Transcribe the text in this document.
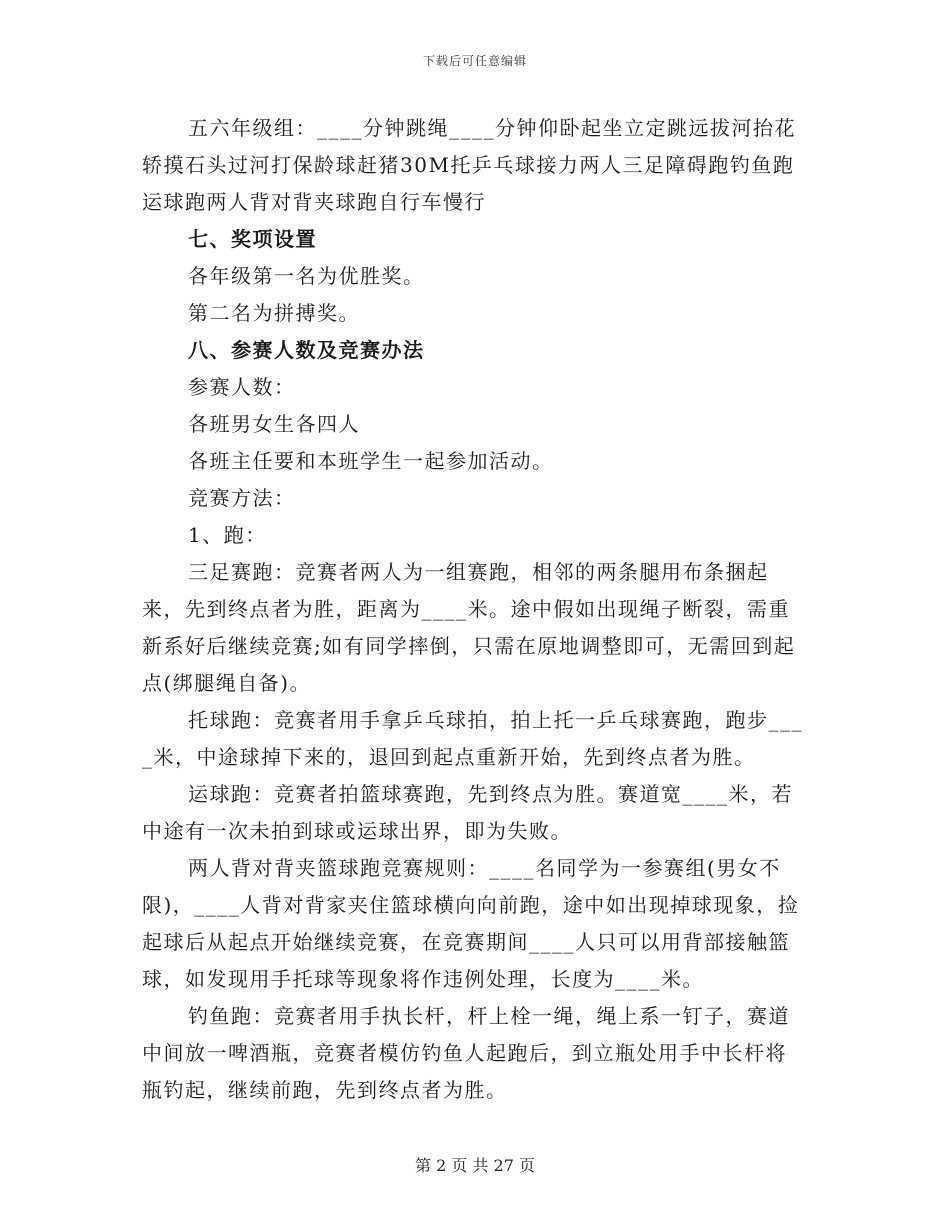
下载后可任意编辑

五六年级组：____分钟跳绳____分钟仰卧起坐立定跳远拔河抬花轿摸石头过河打保龄球赶猪30M托乒乓球接力两人三足障碍跑钓鱼跑运球跑两人背对背夹球跑自行车慢行

七、奖项设置

各年级第一名为优胜奖。

第二名为拼搏奖。

八、参赛人数及竞赛办法

参赛人数：

各班男女生各四人

各班主任要和本班学生一起参加活动。

竞赛方法：

1、跑：

三足赛跑：竞赛者两人为一组赛跑，相邻的两条腿用布条捆起来，先到终点者为胜，距离为____米。途中假如出现绳子断裂，需重新系好后继续竞赛;如有同学摔倒，只需在原地调整即可，无需回到起点(绑腿绳自备)。

托球跑：竞赛者用手拿乒乓球拍，拍上托一乒乓球赛跑，跑步____米，中途球掉下来的，退回到起点重新开始，先到终点者为胜。

运球跑：竞赛者拍篮球赛跑，先到终点为胜。赛道宽____米，若中途有一次未拍到球或运球出界，即为失败。

两人背对背夹篮球跑竞赛规则：____名同学为一参赛组(男女不限)，____人背对背家夹住篮球横向向前跑，途中如出现掉球现象，捡起球后从起点开始继续竞赛，在竞赛期间____人只可以用背部接触篮球，如发现用手托球等现象将作违例处理，长度为____米。

钓鱼跑：竞赛者用手执长杆，杆上栓一绳，绳上系一钉子，赛道中间放一啤酒瓶，竞赛者模仿钓鱼人起跑后，到立瓶处用手中长杆将瓶钓起，继续前跑，先到终点者为胜。

第 2 页 共 27 页
